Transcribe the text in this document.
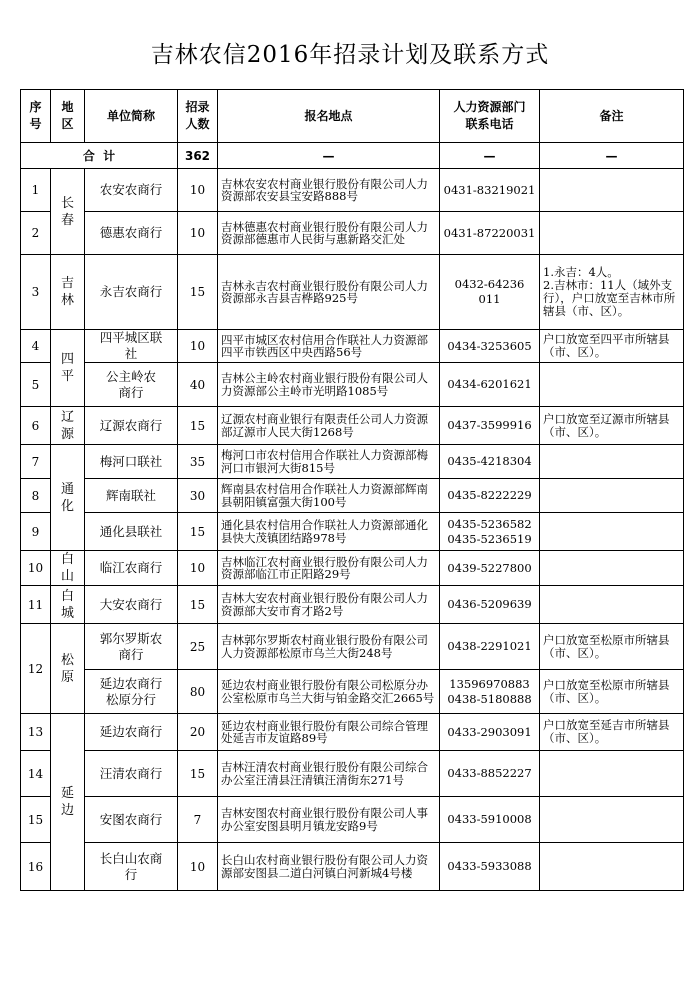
吉林农信2016年招录计划及联系方式
序号	地区	单位简称	招录人数	报名地点	人力资源部门联系电话	备注
合  计			362	—	—	—
1	长春	农安农商行	10	吉林农安农村商业银行股份有限公司人力资源部农安县宝安路888号	0431-83219021	
2		德惠农商行	10	吉林德惠农村商业银行股份有限公司人力资源部德惠市人民街与惠新路交汇处	0431-87220031	
3	吉林	永吉农商行	15	吉林永吉农村商业银行股份有限公司人力资源部永吉县吉桦路925号	0432-64236011	1.永吉：4人。
2.吉林市：11人（域外支行），户口放宽至吉林市所辖县（市、区）。
4	四平	四平城区联社	10	四平市城区农村信用合作联社人力资源部四平市铁西区中央西路56号	0434-3253605	户口放宽至四平市所辖县（市、区）。
5		公主岭农商行	40	吉林公主岭农村商业银行股份有限公司人力资源部公主岭市光明路1085号	0434-6201621	
6	辽源	辽源农商行	15	辽源农村商业银行有限责任公司人力资源部辽源市人民大街1268号	0437-3599916	户口放宽至辽源市所辖县（市、区）。
7	通化	梅河口联社	35	梅河口市农村信用合作联社人力资源部梅河口市银河大街815号	0435-4218304	
8		辉南联社	30	辉南县农村信用合作联社人力资源部辉南县朝阳镇富强大街100号	0435-8222229	
9		通化县联社	15	通化县农村信用合作联社人力资源部通化县快大茂镇团结路978号	0435-5236582
0435-5236519	
10	白山	临江农商行	10	吉林临江农村商业银行股份有限公司人力资源部临江市正阳路29号	0439-5227800	
11	白城	大安农商行	15	吉林大安农村商业银行股份有限公司人力资源部大安市育才路2号	0436-5209639	
12	松原	郭尔罗斯农商行	25	吉林郭尔罗斯农村商业银行股份有限公司人力资源部松原市乌兰大街248号	0438-2291021	户口放宽至松原市所辖县（市、区）。
		延边农商行松原分行	80	延边农村商业银行股份有限公司松原分办公室松原市乌兰大街与铂金路交汇2665号	13596970883
0438-5180888	户口放宽至松原市所辖县（市、区）。
13	延边	延边农商行	20	延边农村商业银行股份有限公司综合管理处延吉市友谊路89号	0433-2903091	户口放宽至延吉市所辖县（市、区）。
14		汪清农商行	15	吉林汪清农村商业银行股份有限公司综合办公室汪清县汪清镇汪清街东271号	0433-8852227	
15		安图农商行	7	吉林安图农村商业银行股份有限公司人事办公室安图县明月镇龙安路9号	0433-5910008	
16		长白山农商行	10	长白山农村商业银行股份有限公司人力资源部安图县二道白河镇白河新城4号楼	0433-5933088	
